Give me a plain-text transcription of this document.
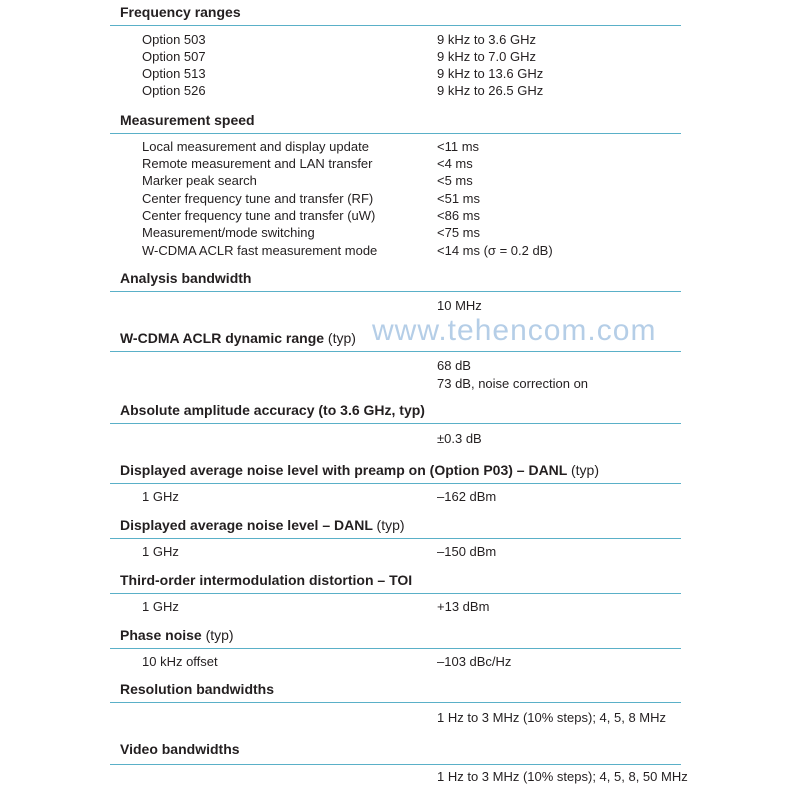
Frequency ranges
Option 503	9 kHz to 3.6 GHz
Option 507	9 kHz to 7.0 GHz
Option 513	9 kHz to 13.6 GHz
Option 526	9 kHz to 26.5 GHz
Measurement speed
Local measurement and display update	<11 ms
Remote measurement and LAN transfer	<4 ms
Marker peak search	<5 ms
Center frequency tune and transfer (RF)	<51 ms
Center frequency tune and transfer (uW)	<86 ms
Measurement/mode switching	<75 ms
W-CDMA ACLR fast measurement mode	<14 ms (σ = 0.2 dB)
Analysis bandwidth
10 MHz
W-CDMA ACLR dynamic range (typ)
68 dB
73 dB, noise correction on
Absolute amplitude accuracy (to 3.6 GHz, typ)
±0.3 dB
Displayed average noise level with preamp on (Option P03) – DANL (typ)
1 GHz	–162 dBm
Displayed average noise level – DANL (typ)
1 GHz	–150 dBm
Third-order intermodulation distortion – TOI
1 GHz	+13 dBm
Phase noise (typ)
10 kHz offset	–103 dBc/Hz
Resolution bandwidths
1 Hz to 3 MHz (10% steps); 4, 5, 8 MHz
Video bandwidths
1 Hz to 3 MHz (10% steps); 4, 5, 8, 50 MHz
www.tehencom.com
